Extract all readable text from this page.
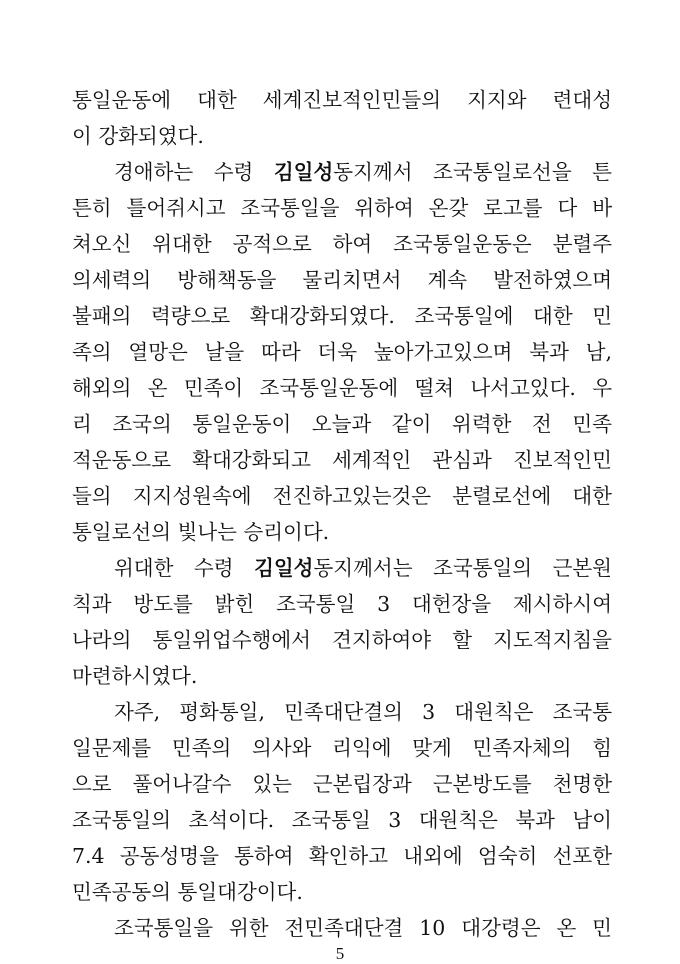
통일운동에 대한 세계진보적인민들의 지지와 련대성
이 강화되였다.
경애하는 수령 김일성동지께서 조국통일로선을 튼
튼히 틀어쥐시고 조국통일을 위하여 온갖 로고를 다 바
쳐오신 위대한 공적으로 하여 조국통일운동은 분렬주
의세력의 방해책동을 물리치면서 계속 발전하였으며
불패의 력량으로 확대강화되였다. 조국통일에 대한 민
족의 열망은 날을 따라 더욱 높아가고있으며 북과 남,
해외의 온 민족이 조국통일운동에 떨쳐 나서고있다. 우
리 조국의 통일운동이 오늘과 같이 위력한 전 민족
적운동으로 확대강화되고 세계적인 관심과 진보적인민
들의 지지성원속에 전진하고있는것은 분렬로선에 대한
통일로선의 빛나는 승리이다.
위대한 수령 김일성동지께서는 조국통일의 근본원
칙과 방도를 밝힌 조국통일 3 대헌장을 제시하시여
나라의 통일위업수행에서 견지하여야 할 지도적지침을
마련하시였다.
자주, 평화통일, 민족대단결의 3 대원칙은 조국통
일문제를 민족의 의사와 리익에 맞게 민족자체의 힘
으로 풀어나갈수 있는 근본립장과 근본방도를 천명한
조국통일의 초석이다. 조국통일 3 대원칙은 북과 남이
7.4 공동성명을 통하여 확인하고 내외에 엄숙히 선포한
민족공동의 통일대강이다.
조국통일을 위한 전민족대단결 10 대강령은 온 민
5
